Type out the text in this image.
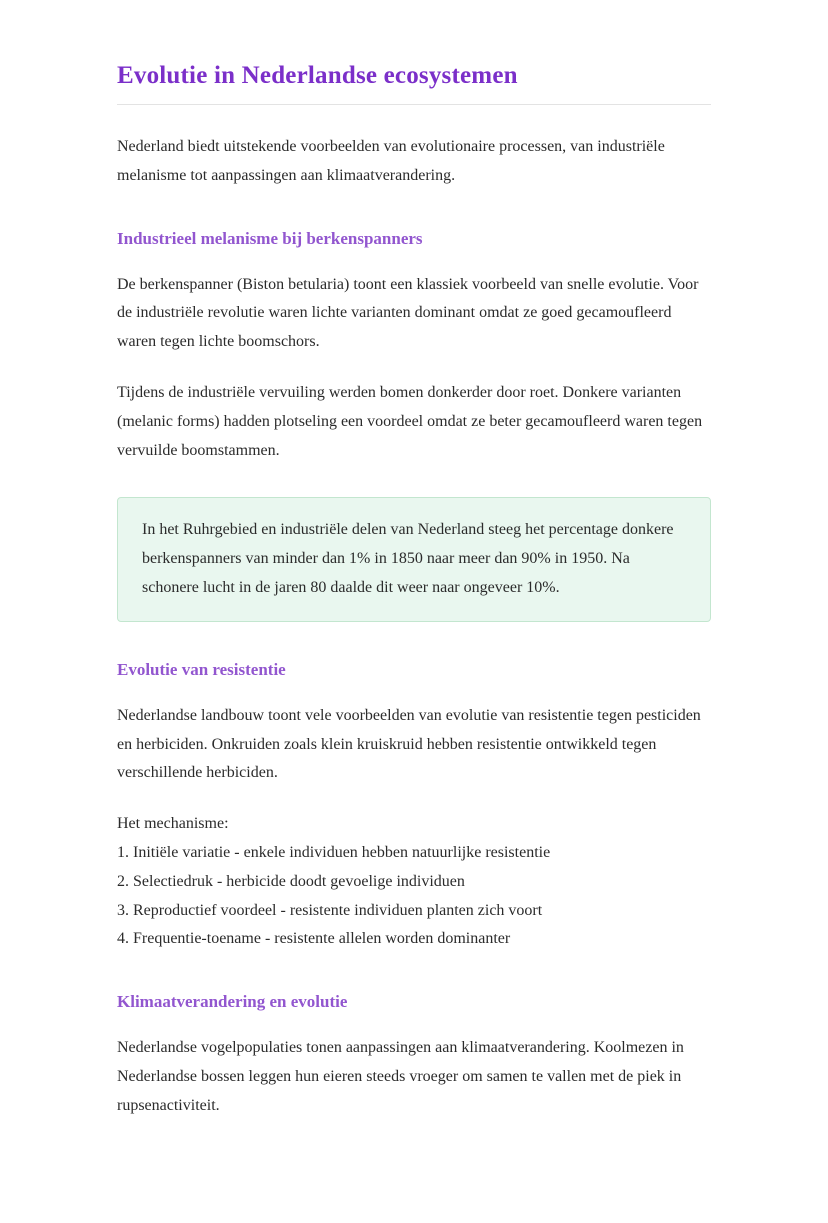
Evolutie in Nederlandse ecosystemen

Nederland biedt uitstekende voorbeelden van evolutionaire processen, van industriële melanisme tot aanpassingen aan klimaatverandering.

Industrieel melanisme bij berkenspanners

De berkenspanner (Biston betularia) toont een klassiek voorbeeld van snelle evolutie. Voor de industriële revolutie waren lichte varianten dominant omdat ze goed gecamoufleerd waren tegen lichte boomschors.

Tijdens de industriële vervuiling werden bomen donkerder door roet. Donkere varianten (melanic forms) hadden plotseling een voordeel omdat ze beter gecamoufleerd waren tegen vervuilde boomstammen.

In het Ruhrgebied en industriële delen van Nederland steeg het percentage donkere berkenspanners van minder dan 1% in 1850 naar meer dan 90% in 1950. Na schonere lucht in de jaren 80 daalde dit weer naar ongeveer 10%.

Evolutie van resistentie

Nederlandse landbouw toont vele voorbeelden van evolutie van resistentie tegen pesticiden en herbiciden. Onkruiden zoals klein kruiskruid hebben resistentie ontwikkeld tegen verschillende herbiciden.

Het mechanisme:
1. Initiële variatie - enkele individuen hebben natuurlijke resistentie
2. Selectiedruk - herbicide doodt gevoelige individuen
3. Reproductief voordeel - resistente individuen planten zich voort
4. Frequentie-toename - resistente allelen worden dominanter
Klimaatverandering en evolutie

Nederlandse vogelpopulaties tonen aanpassingen aan klimaatverandering. Koolmezen in Nederlandse bossen leggen hun eieren steeds vroeger om samen te vallen met de piek in rupsenactiviteit.
